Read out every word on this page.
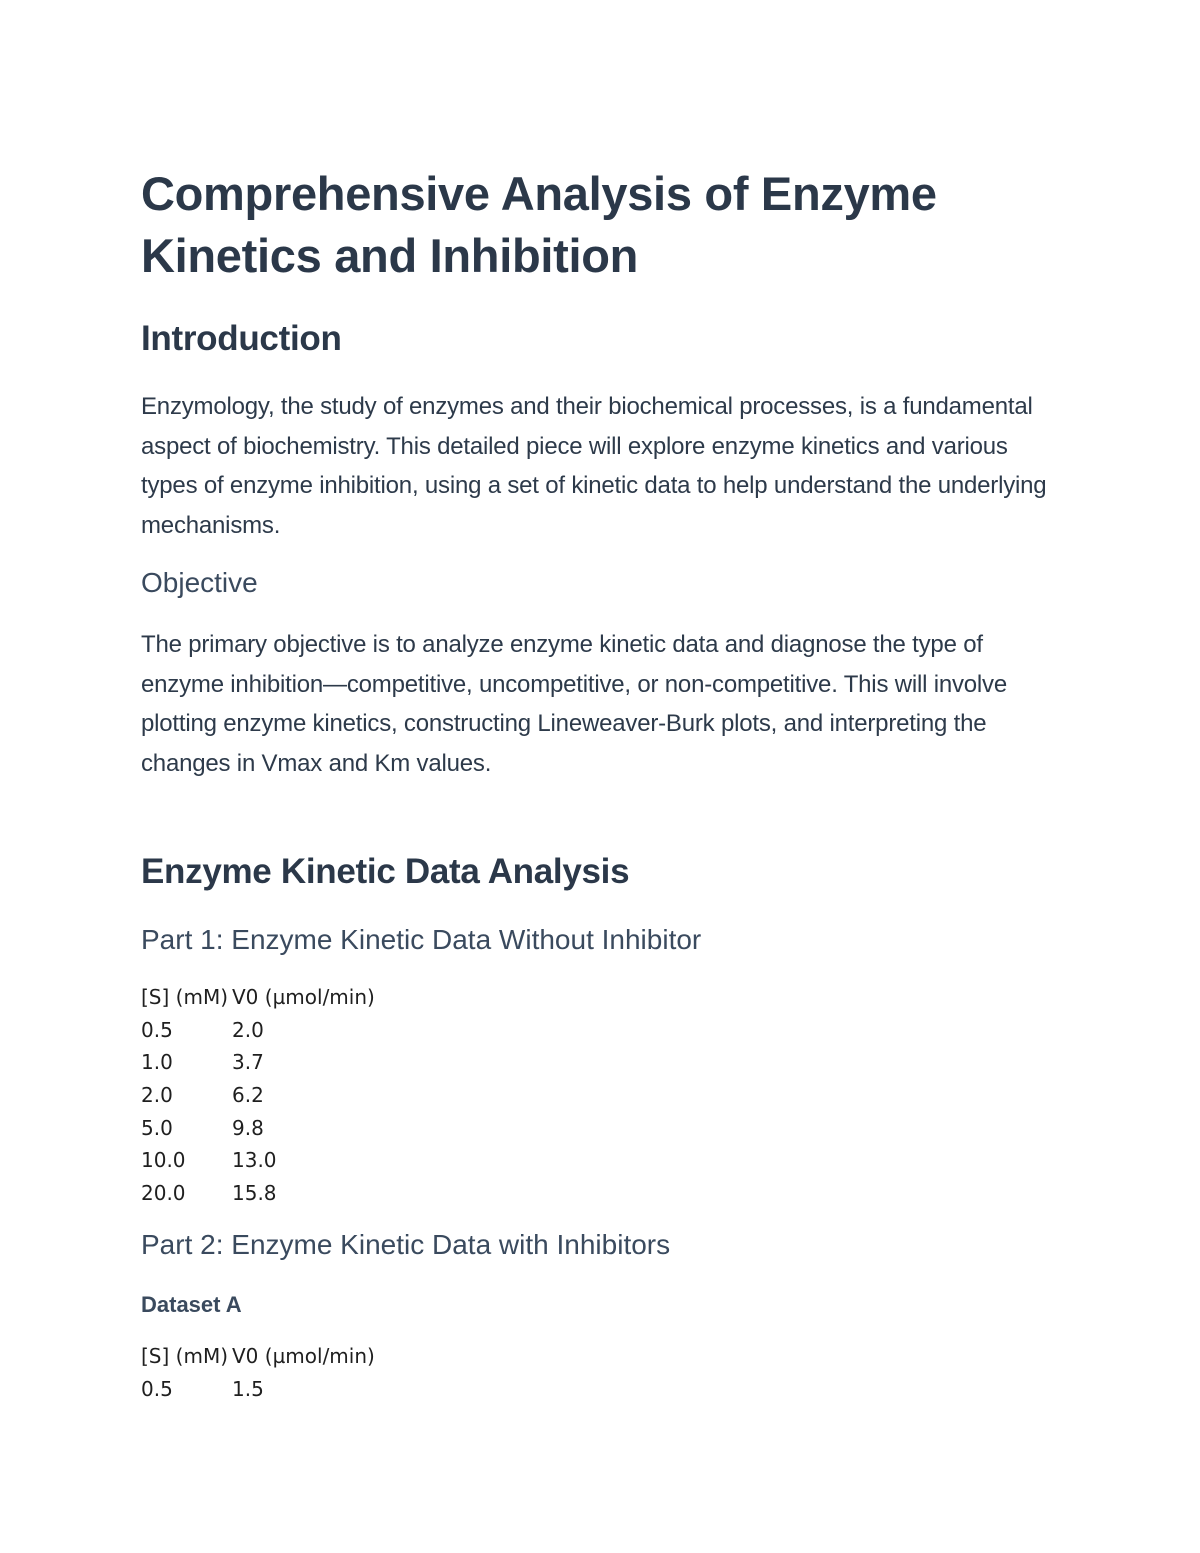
Comprehensive Analysis of Enzyme Kinetics and Inhibition
Introduction

Enzymology, the study of enzymes and their biochemical processes, is a fundamental aspect of biochemistry. This detailed piece will explore enzyme kinetics and various types of enzyme inhibition, using a set of kinetic data to help understand the underlying mechanisms.

Objective

The primary objective is to analyze enzyme kinetic data and diagnose the type of enzyme inhibition—competitive, uncompetitive, or non-competitive. This will involve plotting enzyme kinetics, constructing Lineweaver-Burk plots, and interpreting the changes in Vmax and Km values.

Enzyme Kinetic Data Analysis
Part 1: Enzyme Kinetic Data Without Inhibitor
[S] (mM)	V0 (µmol/min)
0.5	2.0
1.0	3.7
2.0	6.2
5.0	9.8
10.0	13.0
20.0	15.8
Part 2: Enzyme Kinetic Data with Inhibitors
Dataset A
[S] (mM)	V0 (µmol/min)
0.5	1.5
